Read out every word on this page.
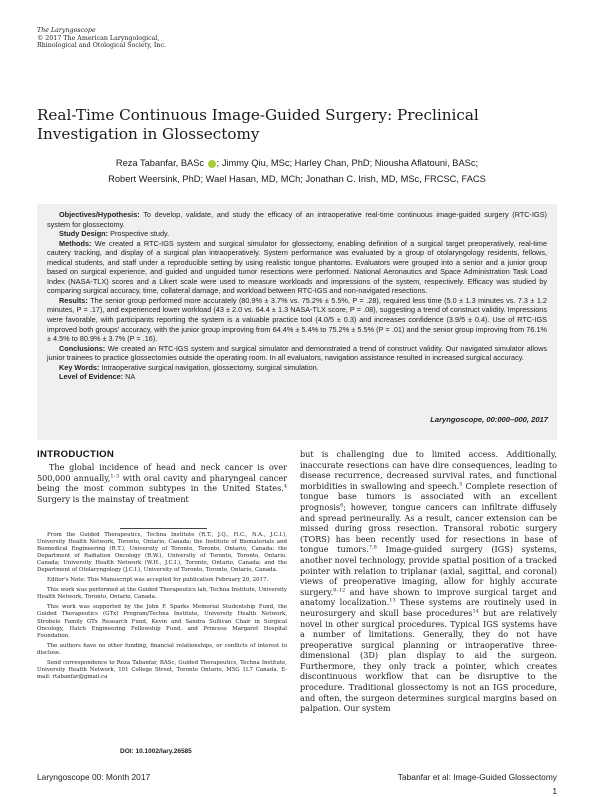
The Laryngoscope
© 2017 The American Laryngological,
Rhinological and Otological Society, Inc.
Real-Time Continuous Image-Guided Surgery: Preclinical Investigation in Glossectomy
Reza Tabanfar, BASc ; Jimmy Qiu, MSc; Harley Chan, PhD; Niousha Aflatouni, BASc;
Robert Weersink, PhD; Wael Hasan, MD, MCh; Jonathan C. Irish, MD, MSc, FRCSC, FACS

Objectives/Hypothesis: To develop, validate, and study the efficacy of an intraoperative real-time continuous image-guided surgery (RTC-IGS) system for glossectomy.

Study Design: Prospective study.

Methods: We created a RTC-IGS system and surgical simulator for glossectomy, enabling definition of a surgical target preoperatively, real-time cautery tracking, and display of a surgical plan intraoperatively. System performance was evaluated by a group of otolaryngology residents, fellows, medical students, and staff under a reproducible setting by using realistic tongue phantoms. Evaluators were grouped into a senior and a junior group based on surgical experience, and guided and unguided tumor resections were performed. National Aeronautics and Space Administration Task Load Index (NASA-TLX) scores and a Likert scale were used to measure workloads and impressions of the system, respectively. Efficacy was studied by comparing surgical accuracy, time, collateral damage, and workload between RTC-IGS and non-navigated resections.

Results: The senior group performed more accurately (80.9% ± 3.7% vs. 75.2% ± 5.5%, P = .28), required less time (5.0 ± 1.3 minutes vs. 7.3 ± 1.2 minutes, P = .17), and experienced lower workload (43 ± 2.0 vs. 64.4 ± 1.3 NASA-TLX score, P = .08), suggesting a trend of construct validity. Impressions were favorable, with participants reporting the system is a valuable practice tool (4.0/5 ± 0.3) and increases confidence (3.9/5 ± 0.4). Use of RTC-IGS improved both groups' accuracy, with the junior group improving from 64.4% ± 5.4% to 75.2% ± 5.5% (P = .01) and the senior group improving from 76.1% ± 4.5% to 80.9% ± 3.7% (P = .16).

Conclusions: We created an RTC-IGS system and surgical simulator and demonstrated a trend of construct validity. Our navigated simulator allows junior trainees to practice glossectomies outside the operating room. In all evaluators, navigation assistance resulted in increased surgical accuracy.

Key Words: Intraoperative surgical navigation, glossectomy, surgical simulation.

Level of Evidence: NA

Laryngoscope, 00:000–000, 2017
INTRODUCTION

The global incidence of head and neck cancer is over 500,000 annually,$^{1-3}$ with oral cavity and pharyngeal cancer being the most common subtypes in the United States.$^4$ Surgery is the mainstay of treatment

From the Guided Therapeutics, Techna Institute (R.T., J.Q., H.C., N.A., J.C.I.), University Health Network, Toronto, Ontario, Canada; the Institute of Biomaterials and Biomedical Engineering (R.T.), University of Toronto, Toronto, Ontario, Canada; the Department of Radiation Oncology (R.W.), University of Toronto, Toronto, Ontario, Canada; University Health Network (W.H., J.C.I.), Toronto, Ontario, Canada; and the Department of Otolaryngology (J.C.I.), University of Toronto, Toronto, Ontario, Canada.

Editor's Note: This Manuscript was accepted for publication February 20, 2017.

This work was performed at the Guided Therapeutics lab, Techna Institute, University Health Network, Toronto, Ontario, Canada.

This work was supported by the John F. Sparks Memorial Studentship Fund, the Guided Therapeutics (GTx) Program/Techna Institute, University Health Network, Strobele Family GTx Research Fund, Kevin and Sandra Sullivan Chair in Surgical Oncology, Hatch Engineering Fellowship Fund, and Princess Margaret Hospital Foundation.

The authors have no other funding, financial relationships, or conflicts of interest to disclose.

Send correspondence to Reza Tabanfar, BASc, Guided Therapeutics, Techna Institute, University Health Network, 101 College Street, Toronto Ontario, M5G 1L7 Canada. E-mail: rtabanfar@gmail.ca

DOI: 10.1002/lary.26585

but is challenging due to limited access. Additionally, inaccurate resections can have dire consequences, leading to disease recurrence, decreased survival rates, and functional morbidities in swallowing and speech.$^5$ Complete resection of tongue base tumors is associated with an excellent prognosis$^6$; however, tongue cancers can infiltrate diffusely and spread perineurally. As a result, cancer extension can be missed during gross resection. Transoral robotic surgery (TORS) has been recently used for resections in base of tongue tumors.$^{7,8}$ Image-guided surgery (IGS) systems, another novel technology, provide spatial position of a tracked pointer with relation to triplanar (axial, sagittal, and coronal) views of preoperative imaging, allow for highly accurate surgery.$^{9-12}$ and have shown to improve surgical target and anatomy localization.$^{13}$ These systems are routinely used in neurosurgery and skull base procedures$^{14}$ but are relatively novel in other surgical procedures. Typical IGS systems have a number of limitations. Generally, they do not have preoperative surgical planning or intraoperative three-dimensional (3D) plan display to aid the surgeon. Furthermore, they only track a pointer, which creates discontinuous workflow that can be disruptive to the procedure. Traditional glossectomy is not an IGS procedure, and often, the surgeon determines surgical margins based on palpation. Our system

Laryngoscope 00: Month 2017	Tabanfar et al: Image-Guided Glossectomy
1
